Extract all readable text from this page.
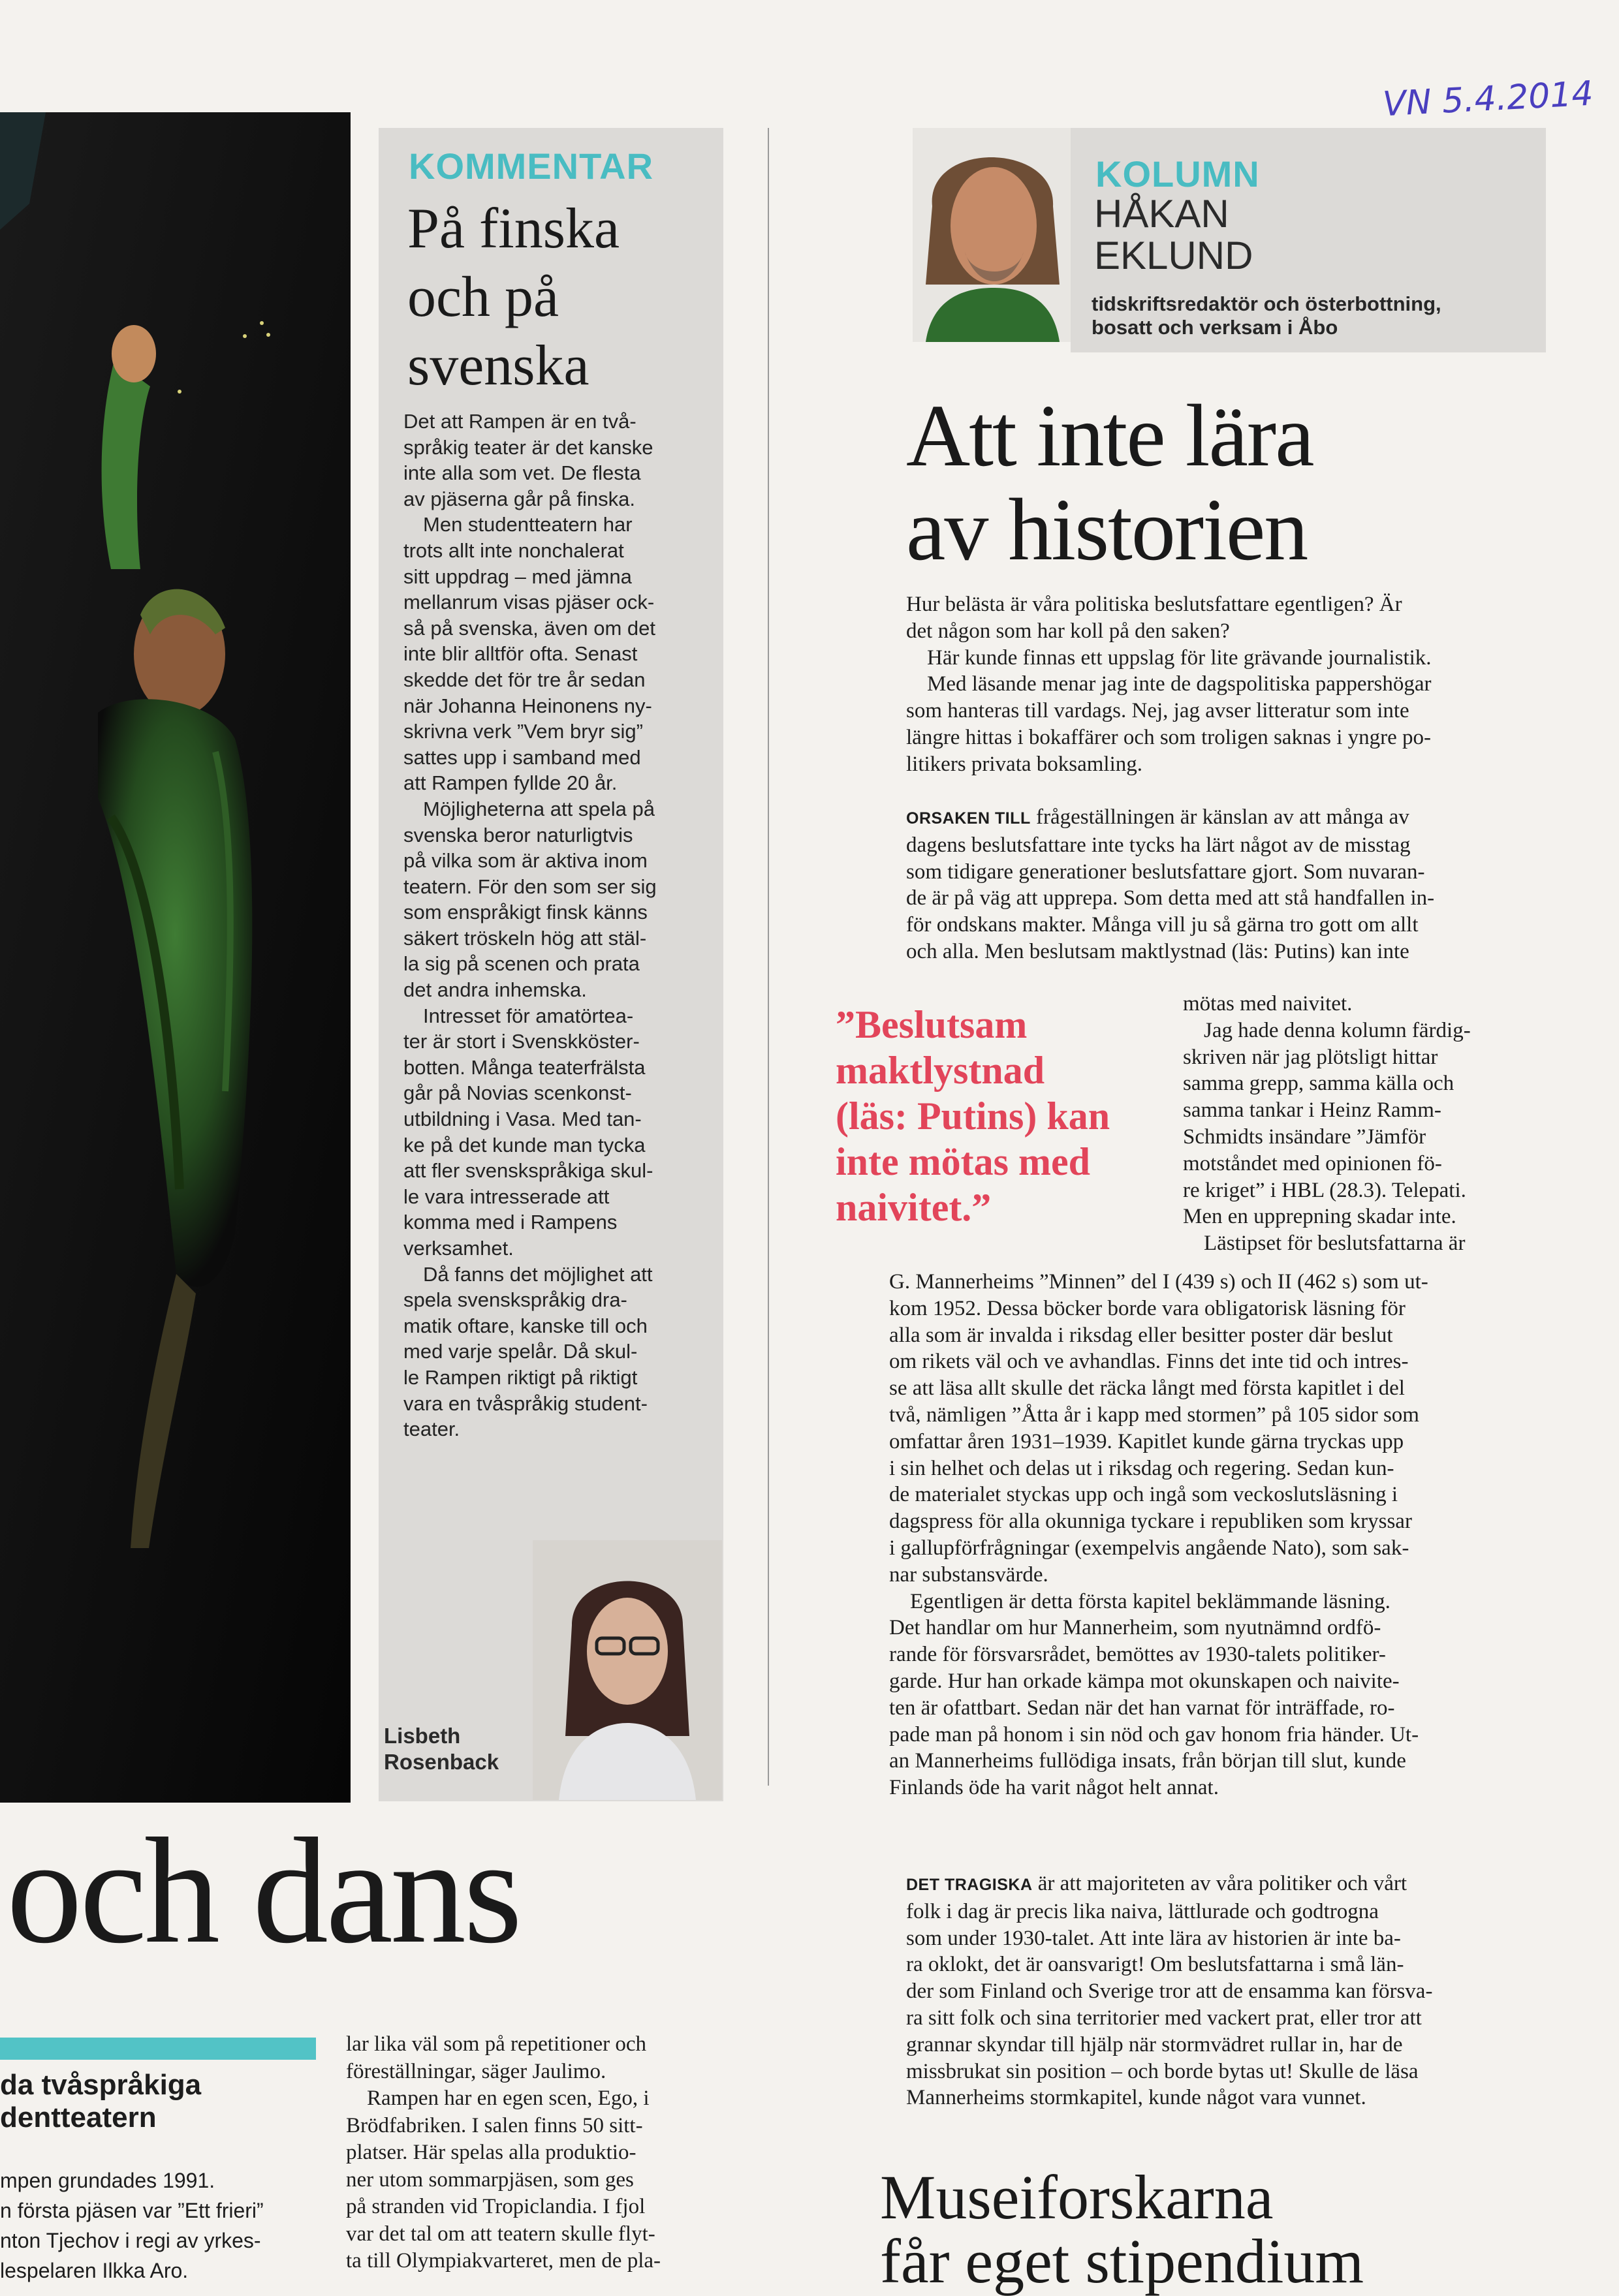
VN 5.4.2014
KOMMENTAR
På finska
och på
svenska
Det att Rampen är en två-
språkig teater är det kanske
inte alla som vet. De flesta
av pjäserna går på finska.
Men studentteatern har
trots allt inte nonchalerat
sitt uppdrag – med jämna
mellanrum visas pjäser ock-
så på svenska, även om det
inte blir alltför ofta. Senast
skedde det för tre år sedan
när Johanna Heinonens ny-
skrivna verk ”Vem bryr sig”
sattes upp i samband med
att Rampen fyllde 20 år.
Möjligheterna att spela på
svenska beror naturligtvis
på vilka som är aktiva inom
teatern. För den som ser sig
som enspråkigt finsk känns
säkert tröskeln hög att stäl-
la sig på scenen och prata
det andra inhemska.
Intresset för amatörtea-
ter är stort i Svenskköster-
botten. Många teaterfrälsta
går på Novias scenkonst-
utbildning i Vasa. Med tan-
ke på det kunde man tycka
att fler svenskspråkiga skul-
le vara intresserade att
komma med i Rampens
verksamhet.
Då fanns det möjlighet att
spela svenskspråkig dra-
matik oftare, kanske till och
med varje spelår. Då skul-
le Rampen riktigt på riktigt
vara en tvåspråkig student-
teater.
Lisbeth
Rosenback
och dans
da tvåspråkiga
dentteatern
mpen grundades 1991.
n första pjäsen var ”Ett frieri”
nton Tjechov i regi av yrkes-
lespelaren Ilkka Aro.
lar lika väl som på repetitioner och
föreställningar, säger Jaulimo.
Rampen har en egen scen, Ego, i
Brödfabriken. I salen finns 50 sitt-
platser. Här spelas alla produktio-
ner utom sommarpjäsen, som ges
på stranden vid Tropiclandia. I fjol
var det tal om att teatern skulle flyt-
ta till Olympiakvarteret, men de pla-
KOLUMN
HÅKAN
EKLUND
tidskriftsredaktör och österbottning,
bosatt och verksam i Åbo
Att inte lära
av historien
Hur belästa är våra politiska beslutsfattare egentligen? Är
det någon som har koll på den saken?
Här kunde finnas ett uppslag för lite grävande journalistik.
Med läsande menar jag inte de dagspolitiska pappershögar
som hanteras till vardags. Nej, jag avser litteratur som inte
längre hittas i bokaffärer och som troligen saknas i yngre po-
litikers privata boksamling.
ORSAKEN TILL frågeställningen är känslan av att många av
dagens beslutsfattare inte tycks ha lärt något av de misstag
som tidigare generationer beslutsfattare gjort. Som nuvaran-
de är på väg att upprepa. Som detta med att stå handfallen in-
för ondskans makter. Många vill ju så gärna tro gott om allt
och alla. Men beslutsam maktlystnad (läs: Putins) kan inte
”Beslutsam
maktlystnad
(läs: Putins) kan
inte mötas med
naivitet.”
mötas med naivitet.
Jag hade denna kolumn färdig-
skriven när jag plötsligt hittar
samma grepp, samma källa och
samma tankar i Heinz Ramm-
Schmidts insändare ”Jämför
motståndet med opinionen fö-
re kriget” i HBL (28.3). Telepati.
Men en upprepning skadar inte.
Lästipset för beslutsfattarna är
G. Mannerheims ”Minnen” del I (439 s) och II (462 s) som ut-
kom 1952. Dessa böcker borde vara obligatorisk läsning för
alla som är invalda i riksdag eller besitter poster där beslut
om rikets väl och ve avhandlas. Finns det inte tid och intres-
se att läsa allt skulle det räcka långt med första kapitlet i del
två, nämligen ”Åtta år i kapp med stormen” på 105 sidor som
omfattar åren 1931–1939. Kapitlet kunde gärna tryckas upp
i sin helhet och delas ut i riksdag och regering. Sedan kun-
de materialet styckas upp och ingå som veckoslutsläsning i
dagspress för alla okunniga tyckare i republiken som kryssar
i gallupförfrågningar (exempelvis angående Nato), som sak-
nar substansvärde.
Egentligen är detta första kapitel beklämmande läsning.
Det handlar om hur Mannerheim, som nyutnämnd ordfö-
rande för försvarsrådet, bemöttes av 1930-talets politiker-
garde. Hur han orkade kämpa mot okunskapen och naivite-
ten är ofattbart. Sedan när det han varnat för inträffade, ro-
pade man på honom i sin nöd och gav honom fria händer. Ut-
an Mannerheims fullödiga insats, från början till slut, kunde
Finlands öde ha varit något helt annat.
DET TRAGISKA är att majoriteten av våra politiker och vårt
folk i dag är precis lika naiva, lättlurade och godtrogna
som under 1930-talet. Att inte lära av historien är inte ba-
ra oklokt, det är oansvarigt! Om beslutsfattarna i små län-
der som Finland och Sverige tror att de ensamma kan försva-
ra sitt folk och sina territorier med vackert prat, eller tror att
grannar skyndar till hjälp när stormvädret rullar in, har de
missbrukat sin position – och borde bytas ut! Skulle de läsa
Mannerheims stormkapitel, kunde något vara vunnet.
Museiforskarna
får eget stipendium
